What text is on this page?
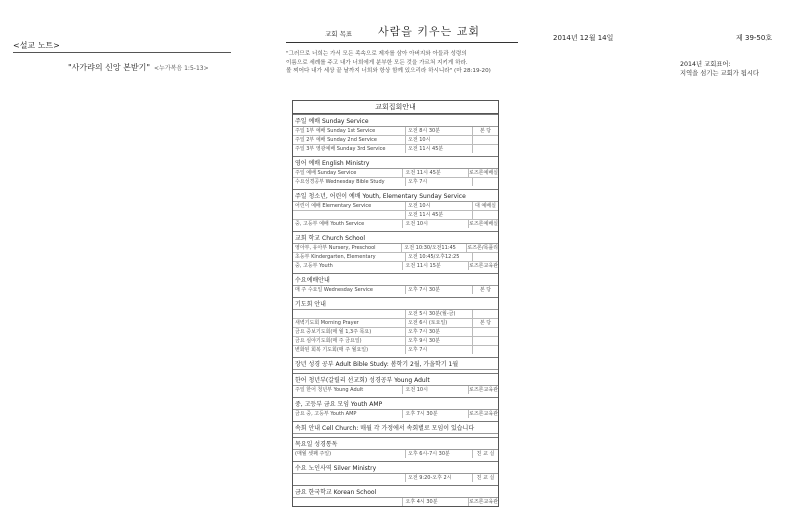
<설교 노트>
"사가랴의 신앙 본받기" <누가복음 1:5-13>
교회 목표 사람을 키우는 교회
"그러므로 너희는 가서 모든 족속으로 제자를 삼아 아버지와 아들과 성령의
이름으로 세례를 주고 내가 너희에게 분부한 모든 것을 가르쳐 지키게 하라.
볼 찌어다 내가 세상 끝 날까지 너희와 항상 함께 있으리라 하시니라" (마 28:19-20)
2014년 12월 14일	제 39-50호
2014년 교회표어:
지역을 섬기는 교회가 됩시다
교회집회안내
주일 예배 Sunday Service
주일 1부 예배 Sunday 1st Service	오전 8시 30분	본 당
주일 2부 예배 Sunday 2nd Service	오전 10시
주일 3부 영광예배 Sunday 3rd Service	오전 11시 45분
영어 예배 English Ministry
주일 예배 Sunday Service	오전 11시 45분	로즈론예배실
수요성경공부 Wednesday Bible Study	오후 7시
주일 청소년, 어린이 예배 Youth, Elementary Sunday Service
어린이 예배 Elementary Service	오전 10시	대 예배실
오전 11시 45분
중, 고등부 예배 Youth Service	오전 10시	로즈론예배실
교회 학교 Church School
영아부, 유아부 Nursery, Preschool	오전 10:30/오전11:45	로즈론/목플리
초등부 Kindergarten, Elementary	오전 10:45/오후12:25
중, 고등부 Youth	오전 11시 15분	로즈론교육관
수요예배안내
매 주 수요일 Wednesday Service	오후 7시 30분	본 당
기도회 안내
오전 5시 30분(월-금)
새벽기도회 Morning Prayer	오전 6시 (토요일)	본 당
금요 중보기도회(매 월 1,3주 목요)	오후 7시 30분
금요 심야기도회(매 주 금요일)	오후 9시 30분
변화된 회복 기도회(매 주 월요일)	오후 7시
장년 성경 공부 Adult Bible Study: 봄학기 2월, 가을학기 1월
한어 청년부(갈릴리 선교회) 성경공부 Young Adult
주일 한어 청년부 Young Adult	오전 10시	로즈론교육관
중, 고등부 금요 모임 Youth AMP
금요 중, 고등부 Youth AMP	오후 7시 30분	로즈론교육관
속회 안내 Cell Church: 매월 각 가정에서 속회별로 모임이 있습니다
목요일 성경통독
(매월 셋째 주일)	오후 6시-7시 30분	친 교 실
수요 노인사역 Silver Ministry
오전 9:20-오후 2시	친 교 실
금요 한국학교 Korean School
오후 4시 30분	로즈론교육관
